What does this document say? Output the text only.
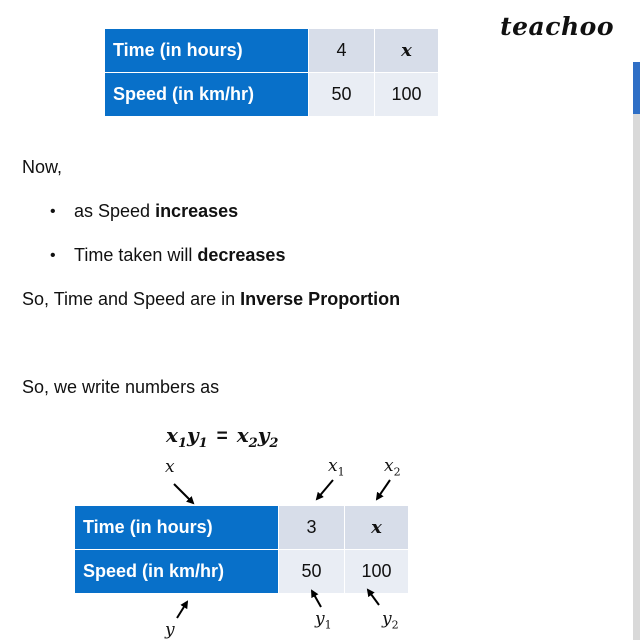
teachoo
Time (in hours)	4	x
Speed (in km/hr)	50	100
Now,
• as Speed increases
• Time taken will decreases
So, Time and Speed are in Inverse Proportion
So, we write numbers as
$x_1y_1 = x_2y_2$
x	$x_1$ $x_2$
Time (in hours)	3	x
Speed (in km/hr)	50	100
y
$y_1$	$y_2$
